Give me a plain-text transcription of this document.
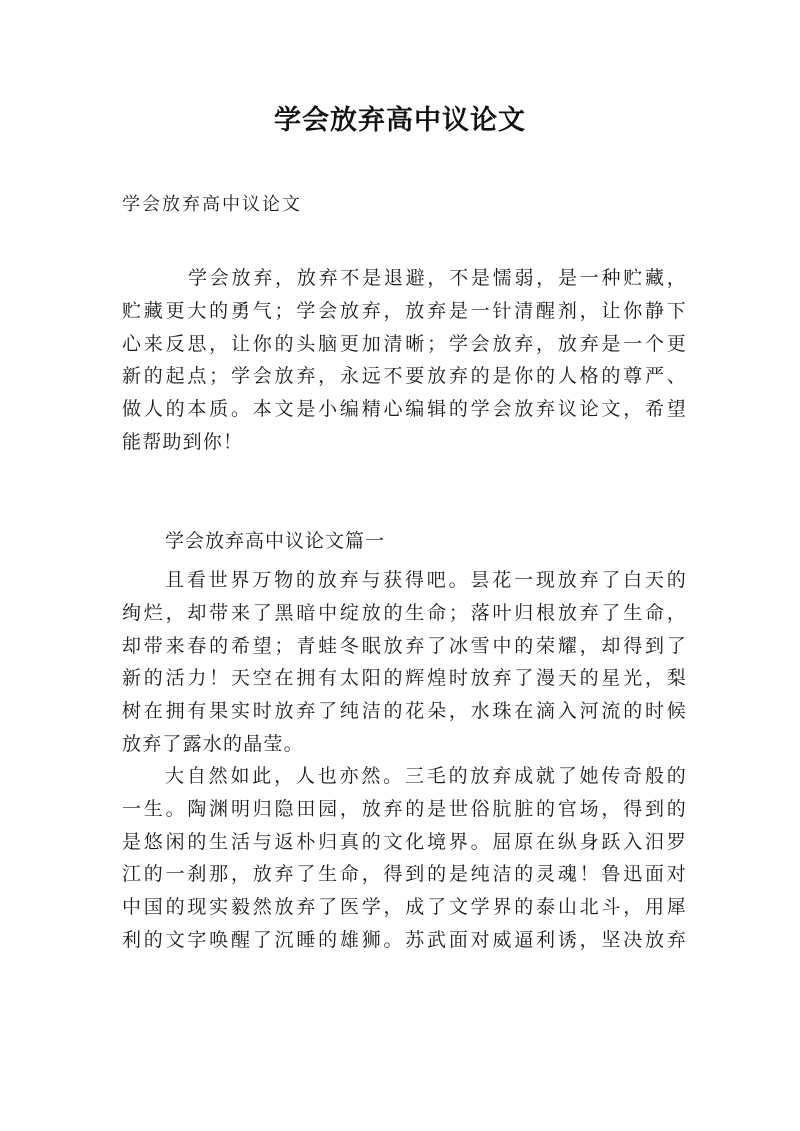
学会放弃高中议论文
学会放弃高中议论文
学会放弃，放弃不是退避，不是懦弱，是一种贮藏，
贮藏更大的勇气；学会放弃，放弃是一针清醒剂，让你静下
心来反思，让你的头脑更加清晰；学会放弃，放弃是一个更
新的起点；学会放弃，永远不要放弃的是你的人格的尊严、
做人的本质。本文是小编精心编辑的学会放弃议论文，希望
能帮助到你！
学会放弃高中议论文篇一
且看世界万物的放弃与获得吧。昙花一现放弃了白天的
绚烂，却带来了黑暗中绽放的生命；落叶归根放弃了生命，
却带来春的希望；青蛙冬眠放弃了冰雪中的荣耀，却得到了
新的活力！天空在拥有太阳的辉煌时放弃了漫天的星光，梨
树在拥有果实时放弃了纯洁的花朵，水珠在滴入河流的时候
放弃了露水的晶莹。
大自然如此，人也亦然。三毛的放弃成就了她传奇般的
一生。陶渊明归隐田园，放弃的是世俗肮脏的官场，得到的
是悠闲的生活与返朴归真的文化境界。屈原在纵身跃入汨罗
江的一刹那，放弃了生命，得到的是纯洁的灵魂！鲁迅面对
中国的现实毅然放弃了医学，成了文学界的泰山北斗，用犀
利的文字唤醒了沉睡的雄狮。苏武面对威逼利诱，坚决放弃
